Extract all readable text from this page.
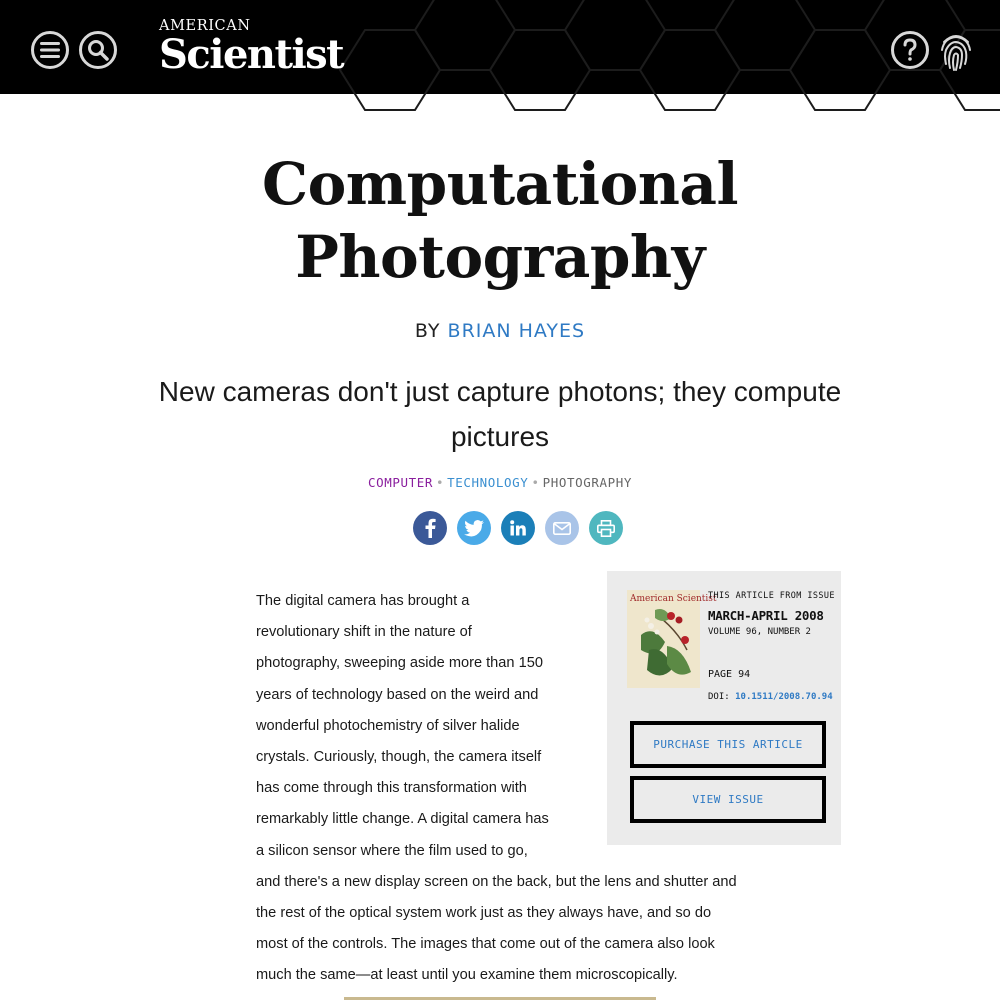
AMERICAN
Scientist
Computational
Photography
BY BRIAN HAYES

New cameras don't just capture photons; they compute pictures

COMPUTER • TECHNOLOGY • PHOTOGRAPHY
The digital camera has brought a
revolutionary shift in the nature of
photography, sweeping aside more than 150
years of technology based on the weird and
wonderful photochemistry of silver halide
crystals. Curiously, though, the camera itself
has come through this transformation with
remarkably little change. A digital camera has
a silicon sensor where the film used to go,
and there's a new display screen on the back, but the lens and shutter and
the rest of the optical system work just as they always have, and so do
most of the controls. The images that come out of the camera also look
much the same—at least until you examine them microscopically.
American Scientist
THIS ARTICLE FROM ISSUE
MARCH-APRIL 2008
VOLUME 96, NUMBER 2
PAGE 94
DOI: 10.1511/2008.70.94
PURCHASE THIS ARTICLE
VIEW ISSUE
